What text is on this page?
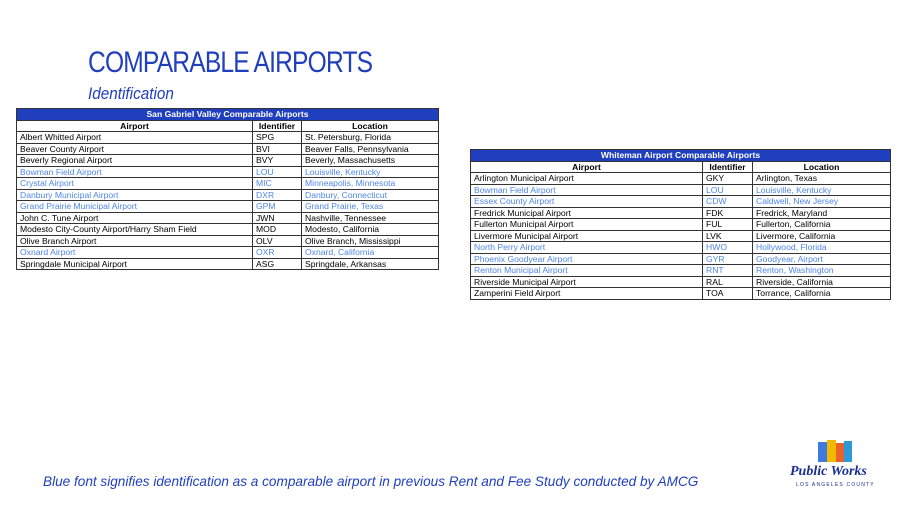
COMPARABLE AIRPORTS
Identification
San Gabriel Valley Comparable Airports		
Airport	Identifier	Location
Albert Whitted Airport	SPG	St. Petersburg, Florida
Beaver County Airport	BVI	Beaver Falls, Pennsylvania
Beverly Regional Airport	BVY	Beverly, Massachusetts
Bowman Field Airport	LOU	Louisville, Kentucky
Crystal Airport	MIC	Minneapolis, Minnesota
Danbury Municipal Airport	DXR	Danbury, Connecticut
Grand Prairie Municipal Airport	GPM	Grand Prairie, Texas
John C. Tune Airport	JWN	Nashville, Tennessee
Modesto City-County Airport/Harry Sham Field	MOD	Modesto, California
Olive Branch Airport	OLV	Olive Branch, Mississippi
Oxnard Airport	OXR	Oxnard, California
Springdale Municipal Airport	ASG	Springdale, Arkansas
Whiteman Airport Comparable Airports		
Airport	Identifier	Location
Arlington Municipal Airport	GKY	Arlington, Texas
Bowman Field Airport	LOU	Louisville, Kentucky
Essex County Airport	CDW	Caldwell, New Jersey
Fredrick Municipal Airport	FDK	Fredrick, Maryland
Fullerton Municipal Airport	FUL	Fullerton, California
Livermore Municipal Airport	LVK	Livermore, California
North Perry Airport	HWO	Hollywood, Florida
Phoenix Goodyear Airport	GYR	Goodyear, Airport
Renton Municipal Airport	RNT	Renton, Washington
Riverside Municipal Airport	RAL	Riverside, California
Zamperini Field Airport	TOA	Torrance, California
Blue font signifies identification as a comparable airport in previous Rent and Fee Study conducted by AMCG
Public Works
LOS ANGELES COUNTY
